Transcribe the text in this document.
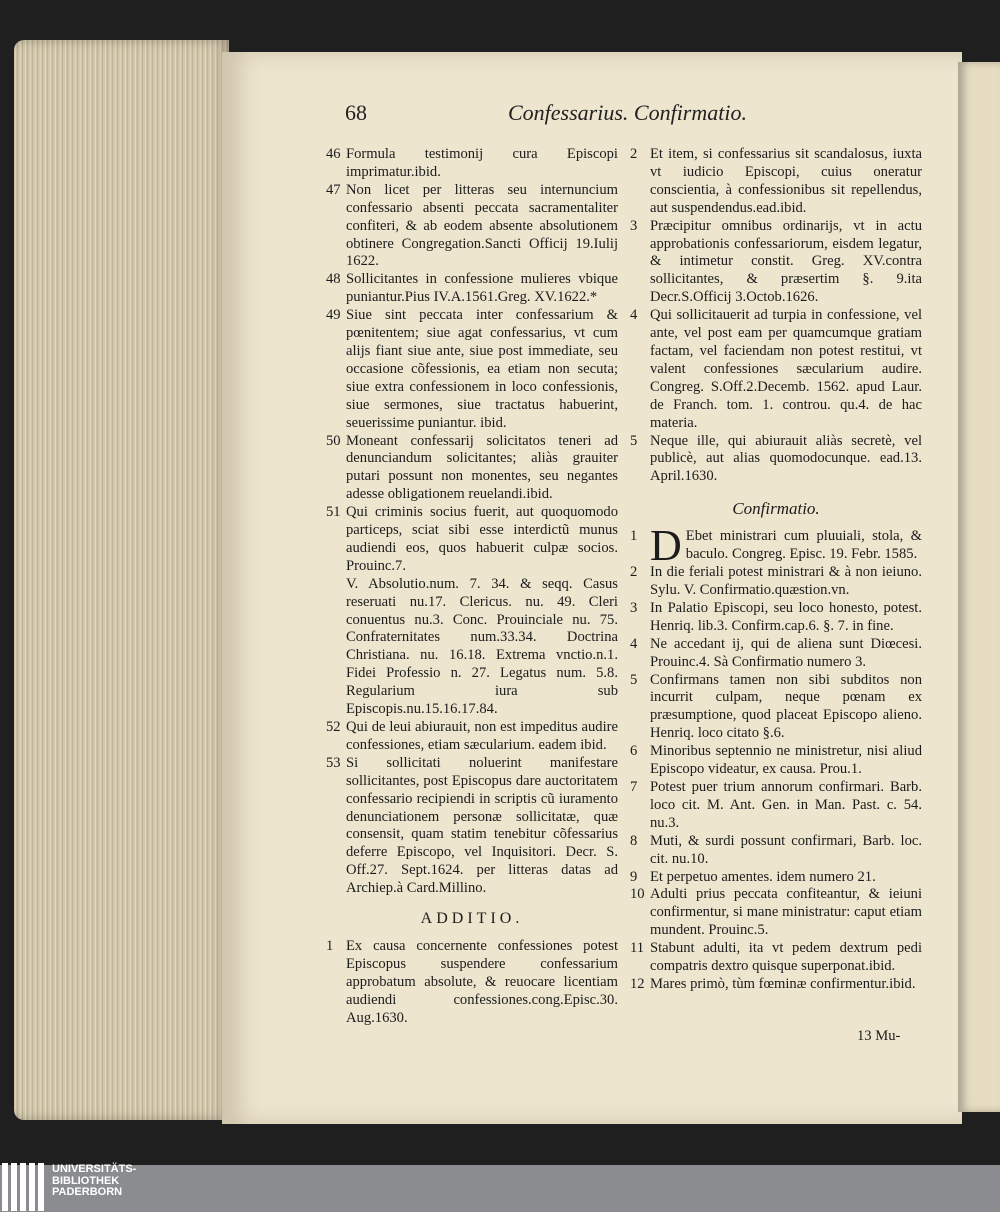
68	Confessarius. Confirmatio.
46 Formula testimonij cura Episcopi imprimatur.ibid.
47 Non licet per litteras seu internuncium confessario absenti peccata sacramentaliter confiteri, & ab eodem absente absolutionem obtinere Congregation.Sancti Officij 19.Iulij 1622.
48 Sollicitantes in confessione mulieres vbique puniantur.Pius IV.A.1561.Greg. XV.1622.*
49 Siue sint peccata inter confessarium & pœnitentem; siue agat confessarius, vt cum alijs fiant siue ante, siue post immediate, seu occasione cõfessionis, ea etiam non secuta; siue extra confessionem in loco confessionis, siue sermones, siue tractatus habuerint, seuerissime puniantur. ibid.
50 Moneant confessarij solicitatos teneri ad denunciandum solicitantes; aliàs grauiter putari possunt non monentes, seu negantes adesse obligationem reuelandi.ibid.
51 Qui criminis socius fuerit, aut quoquomodo particeps, sciat sibi esse interdictũ munus audiendi eos, quos habuerit culpæ socios. Prouinc.7.
V. Absolutio.num. 7. 34. & seqq. Casus reseruati nu.17. Clericus. nu. 49. Cleri conuentus nu.3. Conc. Prouinciale nu. 75. Confraternitates num.33.34. Doctrina Christiana. nu. 16.18. Extrema vnctio.n.1. Fidei Professio n. 27. Legatus num. 5.8. Regularium iura sub Episcopis.nu.15.16.17.84.
52 Qui de leui abiurauit, non est impeditus audire confessiones, etiam sæcularium. eadem ibid.
53 Si sollicitati noluerint manifestare sollicitantes, post Episcopus dare auctoritatem confessario recipiendi in scriptis cũ iuramento denunciationem personæ sollicitatæ, quæ consensit, quam statim tenebitur cõfessarius deferre Episcopo, vel Inquisitori. Decr. S. Off.27. Sept.1624. per litteras datas ad Archiep.à Card.Millino.
ADDITIO.
1 Ex causa concernente confessiones potest Episcopus suspendere confessarium approbatum absolute, & reuocare licentiam audiendi confessiones.cong.Episc.30. Aug.1630.
2 Et item, si confessarius sit scandalosus, iuxta vt iudicio Episcopi, cuius oneratur conscientia, à confessionibus sit repellendus, aut suspendendus.ead.ibid.
3 Præcipitur omnibus ordinarijs, vt in actu approbationis confessariorum, eisdem legatur, & intimetur constit. Greg. XV.contra sollicitantes, & præsertim §. 9.ita Decr.S.Officij 3.Octob.1626.
4 Qui sollicitauerit ad turpia in confessione, vel ante, vel post eam per quamcumque gratiam factam, vel faciendam non potest restitui, vt valent confessiones sæcularium audire. Congreg. S.Off.2.Decemb. 1562. apud Laur. de Franch. tom. 1. controu. qu.4. de hac materia.
5 Neque ille, qui abiurauit aliàs secretè, vel publicè, aut alias quomodocunque. ead.13. April.1630.
Confirmatio.
1 D Ebet ministrari cum pluuiali, stola, & baculo. Congreg. Episc. 19. Febr. 1585.
2 In die feriali potest ministrari & à non ieiuno. Sylu. V. Confirmatio.quæstion.vn.
3 In Palatio Episcopi, seu loco honesto, potest. Henriq. lib.3. Confirm.cap.6. §. 7. in fine.
4 Ne accedant ij, qui de aliena sunt Diœcesi. Prouinc.4. Sà Confirmatio numero 3.
5 Confirmans tamen non sibi subditos non incurrit culpam, neque pœnam ex præsumptione, quod placeat Episcopo alieno. Henriq. loco citato §.6.
6 Minoribus septennio ne ministretur, nisi aliud Episcopo videatur, ex causa. Prou.1.
7 Potest puer trium annorum confirmari. Barb. loco cit. M. Ant. Gen. in Man. Past. c. 54. nu.3.
8 Muti, & surdi possunt confirmari, Barb. loc. cit. nu.10.
9 Et perpetuo amentes. idem numero 21.
10 Adulti prius peccata confiteantur, & ieiuni confirmentur, si mane ministratur: caput etiam mundent. Prouinc.5.
11 Stabunt adulti, ita vt pedem dextrum pedi compatris dextro quisque superponat.ibid.
12 Mares primò, tùm fœminæ confirmentur.ibid.
13 Mu-
UNIVERSITÄTS-
BIBLIOTHEK
PADERBORN
